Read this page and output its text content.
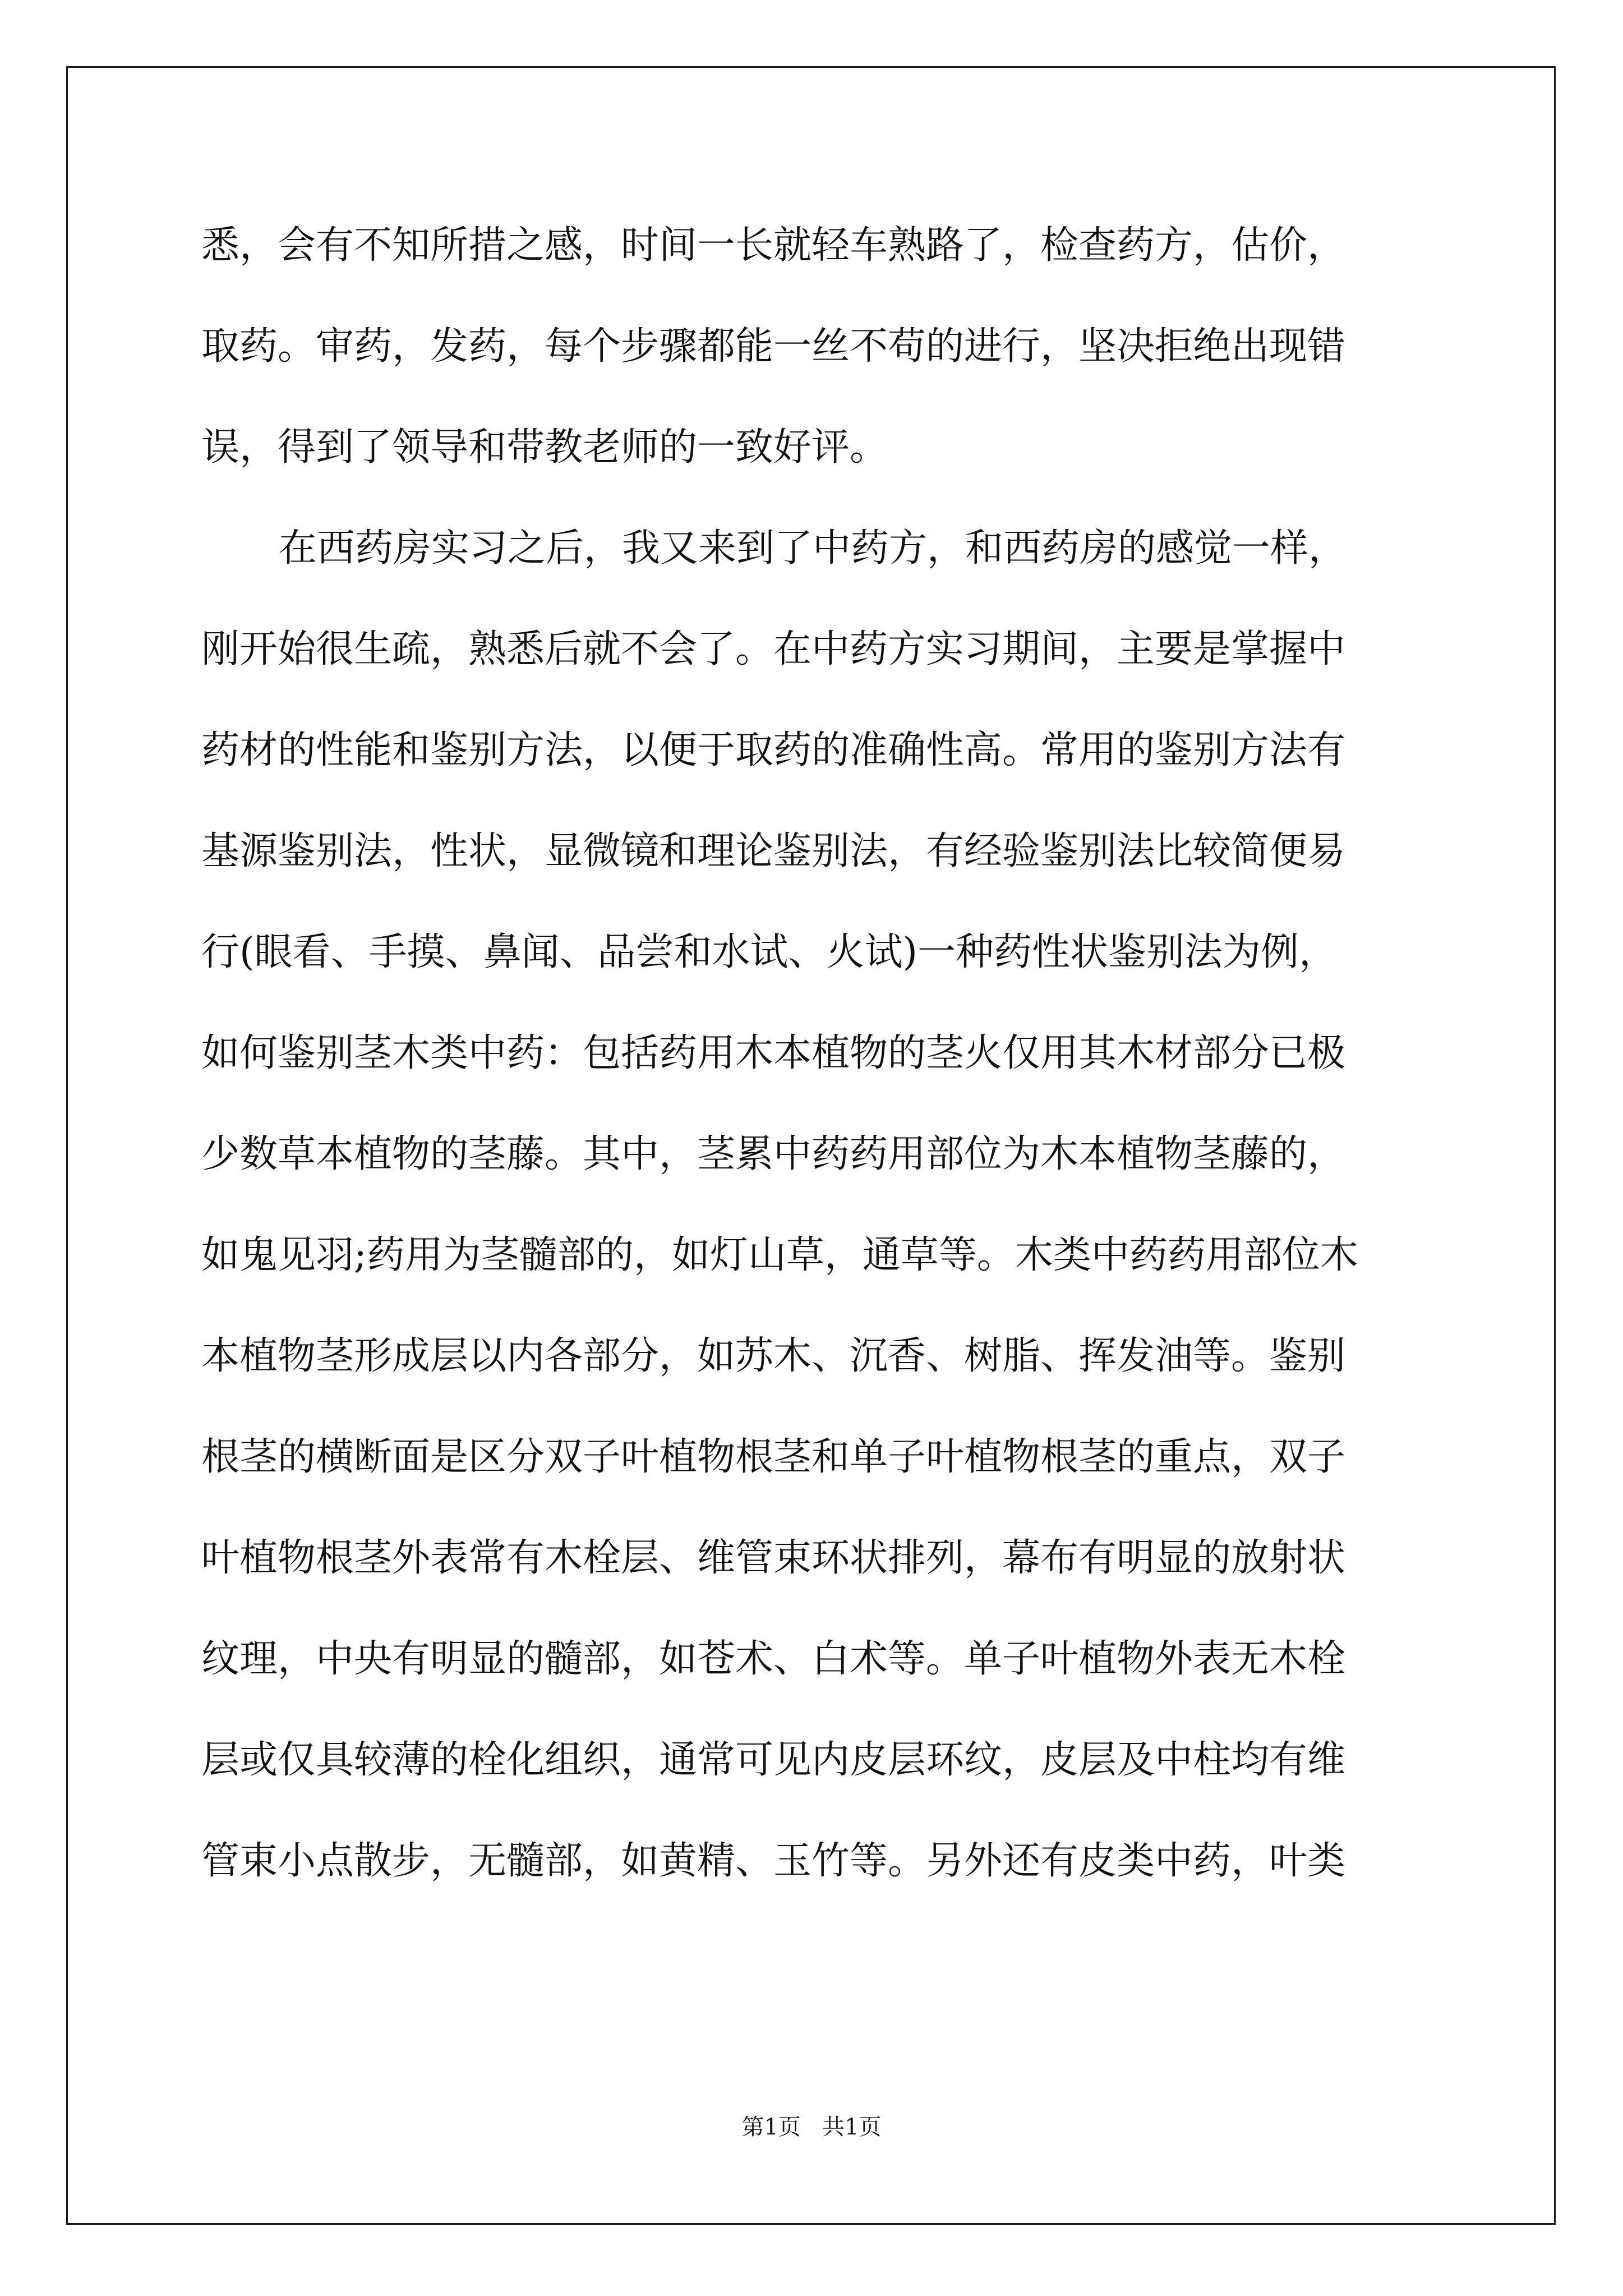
悉，会有不知所措之感，时间一长就轻车熟路了，检查药方，估价，
取药。审药，发药，每个步骤都能一丝不苟的进行，坚决拒绝出现错
误，得到了领导和带教老师的一致好评。
在西药房实习之后，我又来到了中药方，和西药房的感觉一样，
刚开始很生疏，熟悉后就不会了。在中药方实习期间，主要是掌握中
药材的性能和鉴别方法，以便于取药的准确性高。常用的鉴别方法有
基源鉴别法，性状，显微镜和理论鉴别法，有经验鉴别法比较简便易
行(眼看、手摸、鼻闻、品尝和水试、火试)一种药性状鉴别法为例，
如何鉴别茎木类中药：包括药用木本植物的茎火仅用其木材部分已极
少数草本植物的茎藤。其中，茎累中药药用部位为木本植物茎藤的，
如鬼见羽;药用为茎髓部的，如灯山草，通草等。木类中药药用部位木
本植物茎形成层以内各部分，如苏木、沉香、树脂、挥发油等。鉴别
根茎的横断面是区分双子叶植物根茎和单子叶植物根茎的重点，双子
叶植物根茎外表常有木栓层、维管束环状排列，幕布有明显的放射状
纹理，中央有明显的髓部，如苍术、白术等。单子叶植物外表无木栓
层或仅具较薄的栓化组织，通常可见内皮层环纹，皮层及中柱均有维
管束小点散步，无髓部，如黄精、玉竹等。另外还有皮类中药，叶类
第1页   共1页
